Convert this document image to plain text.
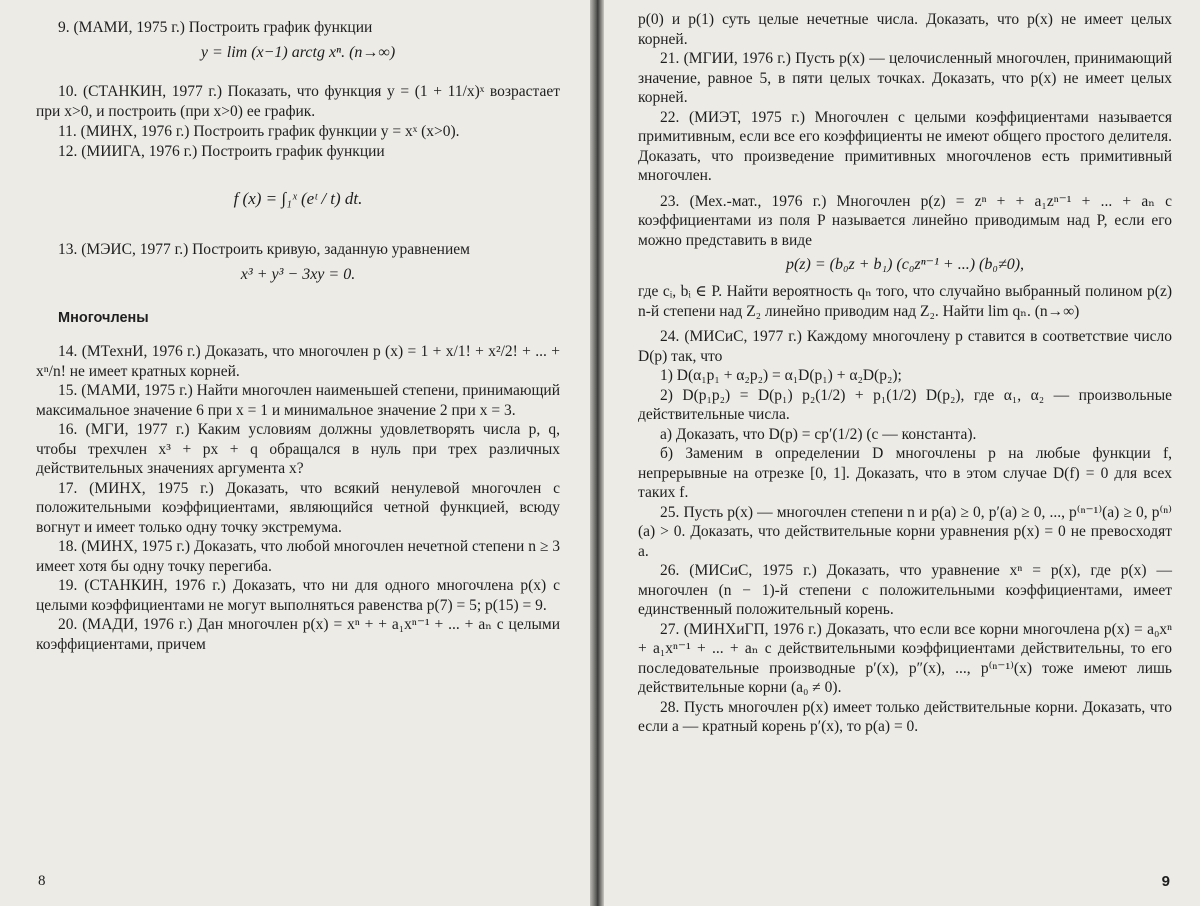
9. (МАМИ, 1975 г.) Построить график функции

y = lim (x−1) arctg xⁿ. (n→∞)

10. (СТАНКИН, 1977 г.) Показать, что функция y = (1 + 11/x)ˣ возрастает при x>0, и построить (при x>0) ее график.

11. (МИНХ, 1976 г.) Построить график функции y = xˣ (x>0).

12. (МИИГА, 1976 г.) Построить график функции

f (x) = ∫₁ˣ (eᵗ / t) dt.

13. (МЭИС, 1977 г.) Построить кривую, заданную уравнением

x³ + y³ − 3xy = 0.
Многочлены

14. (МТехнИ, 1976 г.) Доказать, что многочлен p (x) = 1 + x/1! + x²/2! + ... + xⁿ/n! не имеет кратных корней.

15. (МАМИ, 1975 г.) Найти многочлен наименьшей степени, принимающий максимальное значение 6 при x = 1 и минимальное значение 2 при x = 3.

16. (МГИ, 1977 г.) Каким условиям должны удовлетворять числа p, q, чтобы трехчлен x³ + px + q обращался в нуль при трех различных действительных значениях аргумента x?

17. (МИНХ, 1975 г.) Доказать, что всякий ненулевой многочлен с положительными коэффициентами, являющийся четной функцией, всюду вогнут и имеет только одну точку экстремума.

18. (МИНХ, 1975 г.) Доказать, что любой многочлен нечетной степени n ≥ 3 имеет хотя бы одну точку перегиба.

19. (СТАНКИН, 1976 г.) Доказать, что ни для одного многочлена p(x) с целыми коэффициентами не могут выполняться равенства p(7) = 5; p(15) = 9.

20. (МАДИ, 1976 г.) Дан многочлен p(x) = xⁿ + + a₁xⁿ⁻¹ + ... + aₙ с целыми коэффициентами, причем

8

p(0) и p(1) суть целые нечетные числа. Доказать, что p(x) не имеет целых корней.

21. (МГИИ, 1976 г.) Пусть p(x) — целочисленный многочлен, принимающий значение, равное 5, в пяти целых точках. Доказать, что p(x) не имеет целых корней.

22. (МИЭТ, 1975 г.) Многочлен с целыми коэффициентами называется примитивным, если все его коэффициенты не имеют общего простого делителя. Доказать, что произведение примитивных многочленов есть примитивный многочлен.

23. (Мех.-мат., 1976 г.) Многочлен p(z) = zⁿ + + a₁zⁿ⁻¹ + ... + aₙ с коэффициентами из поля P называется линейно приводимым над P, если его можно представить в виде

p(z) = (b₀z + b₁) (c₀zⁿ⁻¹ + ...) (b₀≠0),

где cᵢ, bᵢ ∈ P. Найти вероятность qₙ того, что случайно выбранный полином p(z) n-й степени над Z₂ линейно приводим над Z₂. Найти lim qₙ. (n→∞)

24. (МИСиС, 1977 г.) Каждому многочлену p ставится в соответствие число D(p) так, что

1) D(α₁p₁ + α₂p₂) = α₁D(p₁) + α₂D(p₂);

2) D(p₁p₂) = D(p₁) p₂(1/2) + p₁(1/2) D(p₂), где α₁, α₂ — произвольные действительные числа.

а) Доказать, что D(p) = cp′(1/2) (c — константа).

б) Заменим в определении D многочлены p на любые функции f, непрерывные на отрезке [0, 1]. Доказать, что в этом случае D(f) = 0 для всех таких f.

25. Пусть p(x) — многочлен степени n и p(a) ≥ 0, p′(a) ≥ 0, ..., p⁽ⁿ⁻¹⁾(a) ≥ 0, p⁽ⁿ⁾(a) > 0. Доказать, что действительные корни уравнения p(x) = 0 не превосходят a.

26. (МИСиС, 1975 г.) Доказать, что уравнение xⁿ = p(x), где p(x) — многочлен (n − 1)-й степени с положительными коэффициентами, имеет единственный положительный корень.

27. (МИНХиГП, 1976 г.) Доказать, что если все корни многочлена p(x) = a₀xⁿ + a₁xⁿ⁻¹ + ... + aₙ с действительными коэффициентами действительны, то его последовательные производные p′(x), p″(x), ..., p⁽ⁿ⁻¹⁾(x) тоже имеют лишь действительные корни (a₀ ≠ 0).

28. Пусть многочлен p(x) имеет только действительные корни. Доказать, что если a — кратный корень p′(x), то p(a) = 0.

9
